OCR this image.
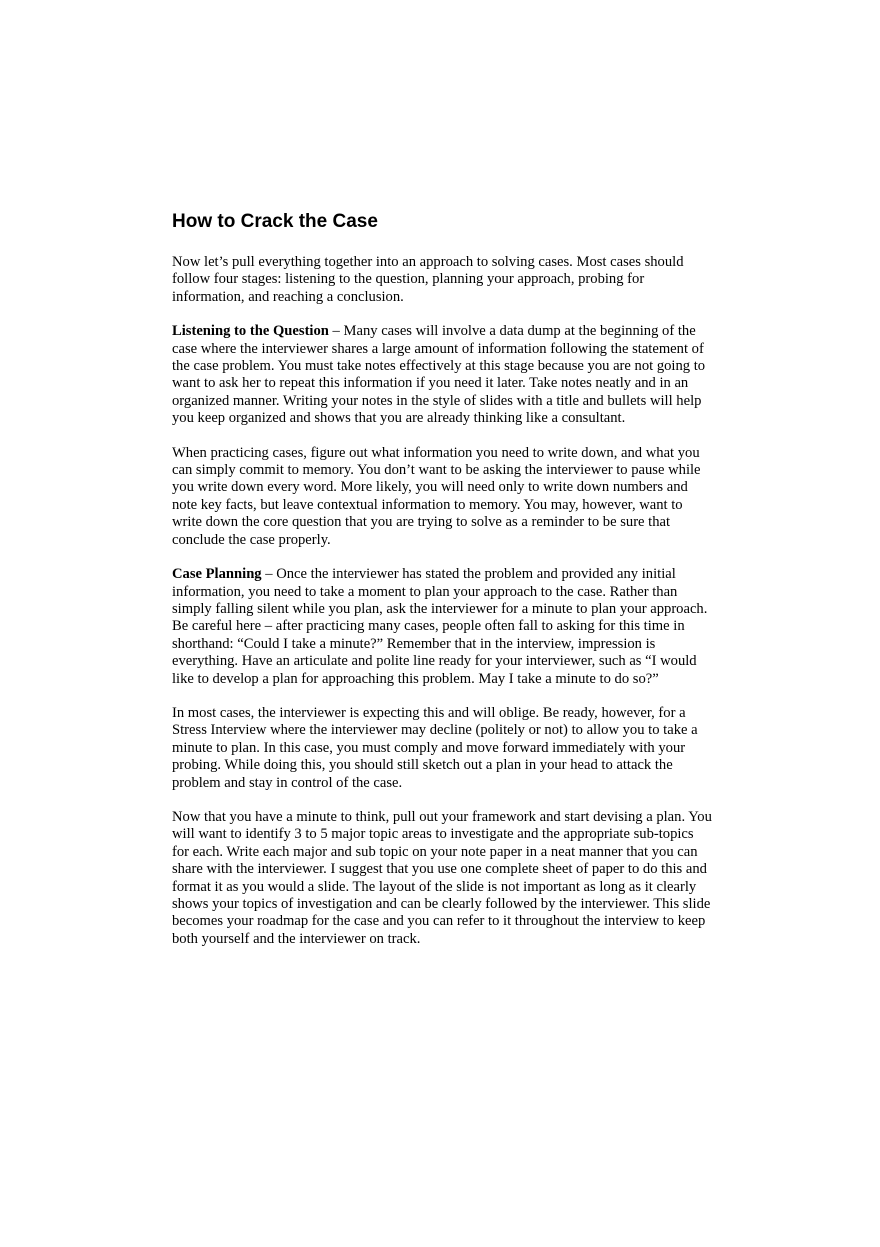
How to Crack the Case

Now let’s pull everything together into an approach to solving cases. Most cases should follow four stages: listening to the question, planning your approach, probing for information, and reaching a conclusion.

Listening to the Question – Many cases will involve a data dump at the beginning of the case where the interviewer shares a large amount of information following the statement of the case problem. You must take notes effectively at this stage because you are not going to want to ask her to repeat this information if you need it later. Take notes neatly and in an organized manner. Writing your notes in the style of slides with a title and bullets will help you keep organized and shows that you are already thinking like a consultant.

When practicing cases, figure out what information you need to write down, and what you can simply commit to memory. You don’t want to be asking the interviewer to pause while you write down every word. More likely, you will need only to write down numbers and note key facts, but leave contextual information to memory. You may, however, want to write down the core question that you are trying to solve as a reminder to be sure that conclude the case properly.

Case Planning – Once the interviewer has stated the problem and provided any initial information, you need to take a moment to plan your approach to the case. Rather than simply falling silent while you plan, ask the interviewer for a minute to plan your approach. Be careful here – after practicing many cases, people often fall to asking for this time in shorthand: “Could I take a minute?” Remember that in the interview, impression is everything. Have an articulate and polite line ready for your interviewer, such as “I would like to develop a plan for approaching this problem. May I take a minute to do so?”

In most cases, the interviewer is expecting this and will oblige. Be ready, however, for a Stress Interview where the interviewer may decline (politely or not) to allow you to take a minute to plan. In this case, you must comply and move forward immediately with your probing. While doing this, you should still sketch out a plan in your head to attack the problem and stay in control of the case.

Now that you have a minute to think, pull out your framework and start devising a plan. You will want to identify 3 to 5 major topic areas to investigate and the appropriate sub-topics for each. Write each major and sub topic on your note paper in a neat manner that you can share with the interviewer. I suggest that you use one complete sheet of paper to do this and format it as you would a slide. The layout of the slide is not important as long as it clearly shows your topics of investigation and can be clearly followed by the interviewer. This slide becomes your roadmap for the case and you can refer to it throughout the interview to keep both yourself and the interviewer on track.
